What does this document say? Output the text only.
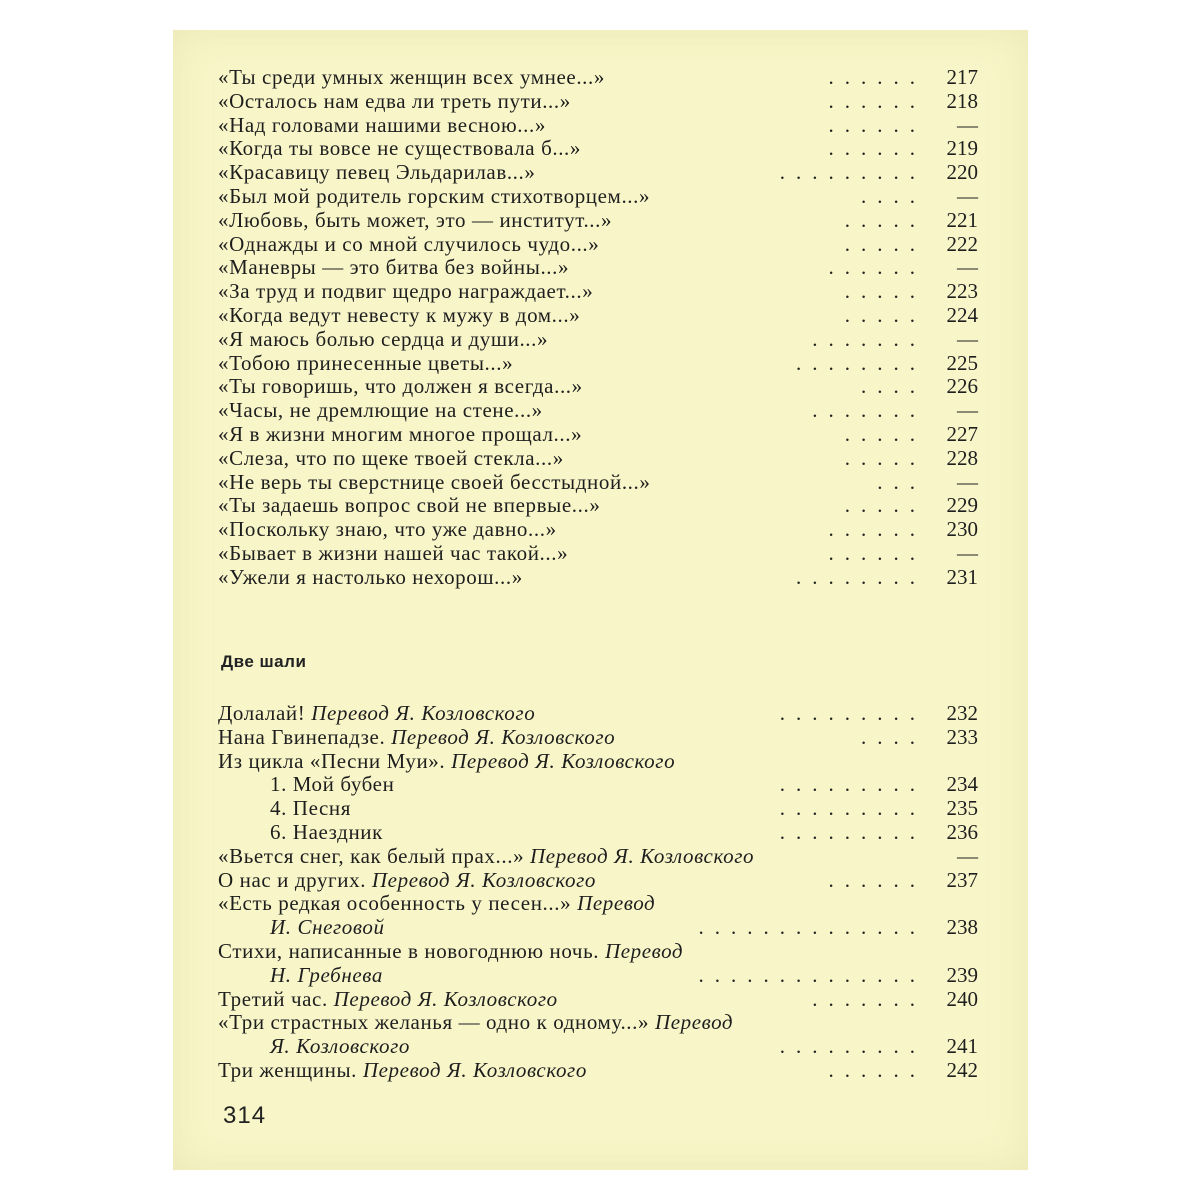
«Ты среди умных женщин всех умнее...»	...... 217
«Осталось нам едва ли треть пути...»	...... 218
«Над головами нашими весною...»	......	—
«Когда ты вовсе не существовала б...»	...... 219
«Красавицу певец Эльдарилав...»	......... 220
«Был мой родитель горским стихотворцем...»	....	—
«Любовь, быть может, это — институт...»	..... 221
«Однажды и со мной случилось чудо...»	..... 222
«Маневры — это битва без войны...»	......	—
«За труд и подвиг щедро награждает...»	..... 223
«Когда ведут невесту к мужу в дом...»	..... 224
«Я маюсь болью сердца и души...»	.......	—
«Тобою принесенные цветы...»	........ 225
«Ты говоришь, что должен я всегда...»	.... 226
«Часы, не дремлющие на стене...»	.......	—
«Я в жизни многим многое прощал...»	..... 227
«Слеза, что по щеке твоей стекла...»	..... 228
«Не верь ты сверстнице своей бесстыдной...»	...	—
«Ты задаешь вопрос свой не впервые...»	..... 229
«Поскольку знаю, что уже давно...»	...... 230
«Бывает в жизни нашей час такой...»	......	—
«Ужели я настолько нехорош...»	........ 231
Две шали
Долалай! Перевод Я. Козловского	......... 232
Нана Гвинепадзе. Перевод Я. Козловского	.... 233
Из цикла «Песни Муи». Перевод Я. Козловского
1. Мой бубен	......... 234
4. Песня	......... 235
6. Наездник	......... 236
«Вьется снег, как белый прах...» Перевод Я. Козловского	—
О нас и других. Перевод Я. Козловского	...... 237
«Есть редкая особенность у песен...» Перевод
И. Снеговой	.............. 238
Стихи, написанные в новогоднюю ночь. Перевод
Н. Гребнева	.............. 239
Третий час. Перевод Я. Козловского	....... 240
«Три страстных желанья — одно к одному...» Перевод
Я. Козловского	......... 241
Три женщины. Перевод Я. Козловского	...... 242
314
